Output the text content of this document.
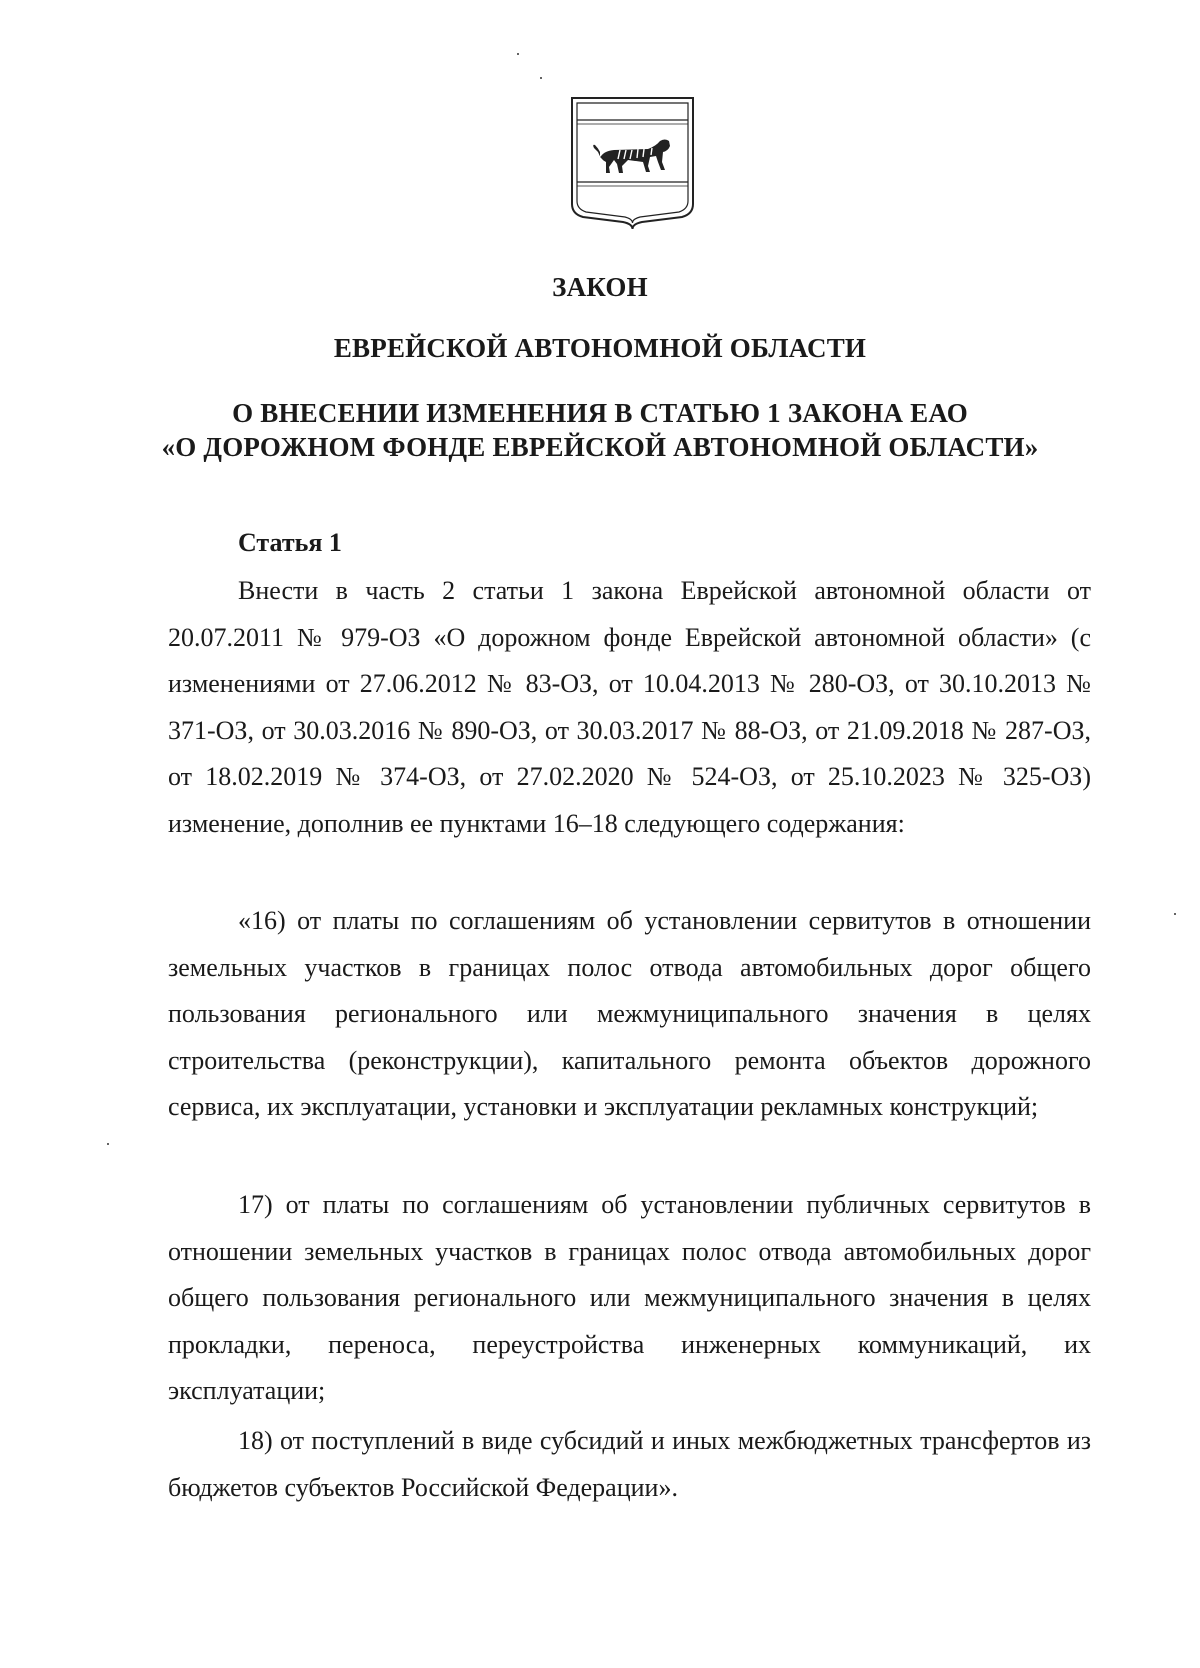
ЗАКОН
ЕВРЕЙСКОЙ АВТОНОМНОЙ ОБЛАСТИ
О ВНЕСЕНИИ ИЗМЕНЕНИЯ В СТАТЬЮ 1 ЗАКОНА ЕАО
«О ДОРОЖНОМ ФОНДЕ ЕВРЕЙСКОЙ АВТОНОМНОЙ ОБЛАСТИ»
Статья 1

Внести в часть 2 статьи 1 закона Еврейской автономной области от 20.07.2011 № 979-ОЗ «О дорожном фонде Еврейской автономной области» (с изменениями от 27.06.2012 № 83-ОЗ, от 10.04.2013 № 280-ОЗ, от 30.10.2013 № 371-ОЗ, от 30.03.2016 № 890-ОЗ, от 30.03.2017 № 88-ОЗ, от 21.09.2018 № 287-ОЗ, от 18.02.2019 № 374-ОЗ, от 27.02.2020 № 524-ОЗ, от 25.10.2023 № 325-ОЗ) изменение, дополнив ее пунктами 16–18 следующего содержания:

«16) от платы по соглашениям об установлении сервитутов в отношении земельных участков в границах полос отвода автомобильных дорог общего пользования регионального или межмуниципального значения в целях строительства (реконструкции), капитального ремонта объектов дорожного сервиса, их эксплуатации, установки и эксплуатации рекламных конструкций;

17) от платы по соглашениям об установлении публичных сервитутов в отношении земельных участков в границах полос отвода автомобильных дорог общего пользования регионального или межмуниципального значения в целях прокладки, переноса, переустройства инженерных коммуникаций, их эксплуатации;

18) от поступлений в виде субсидий и иных межбюджетных трансфертов из бюджетов субъектов Российской Федерации».
